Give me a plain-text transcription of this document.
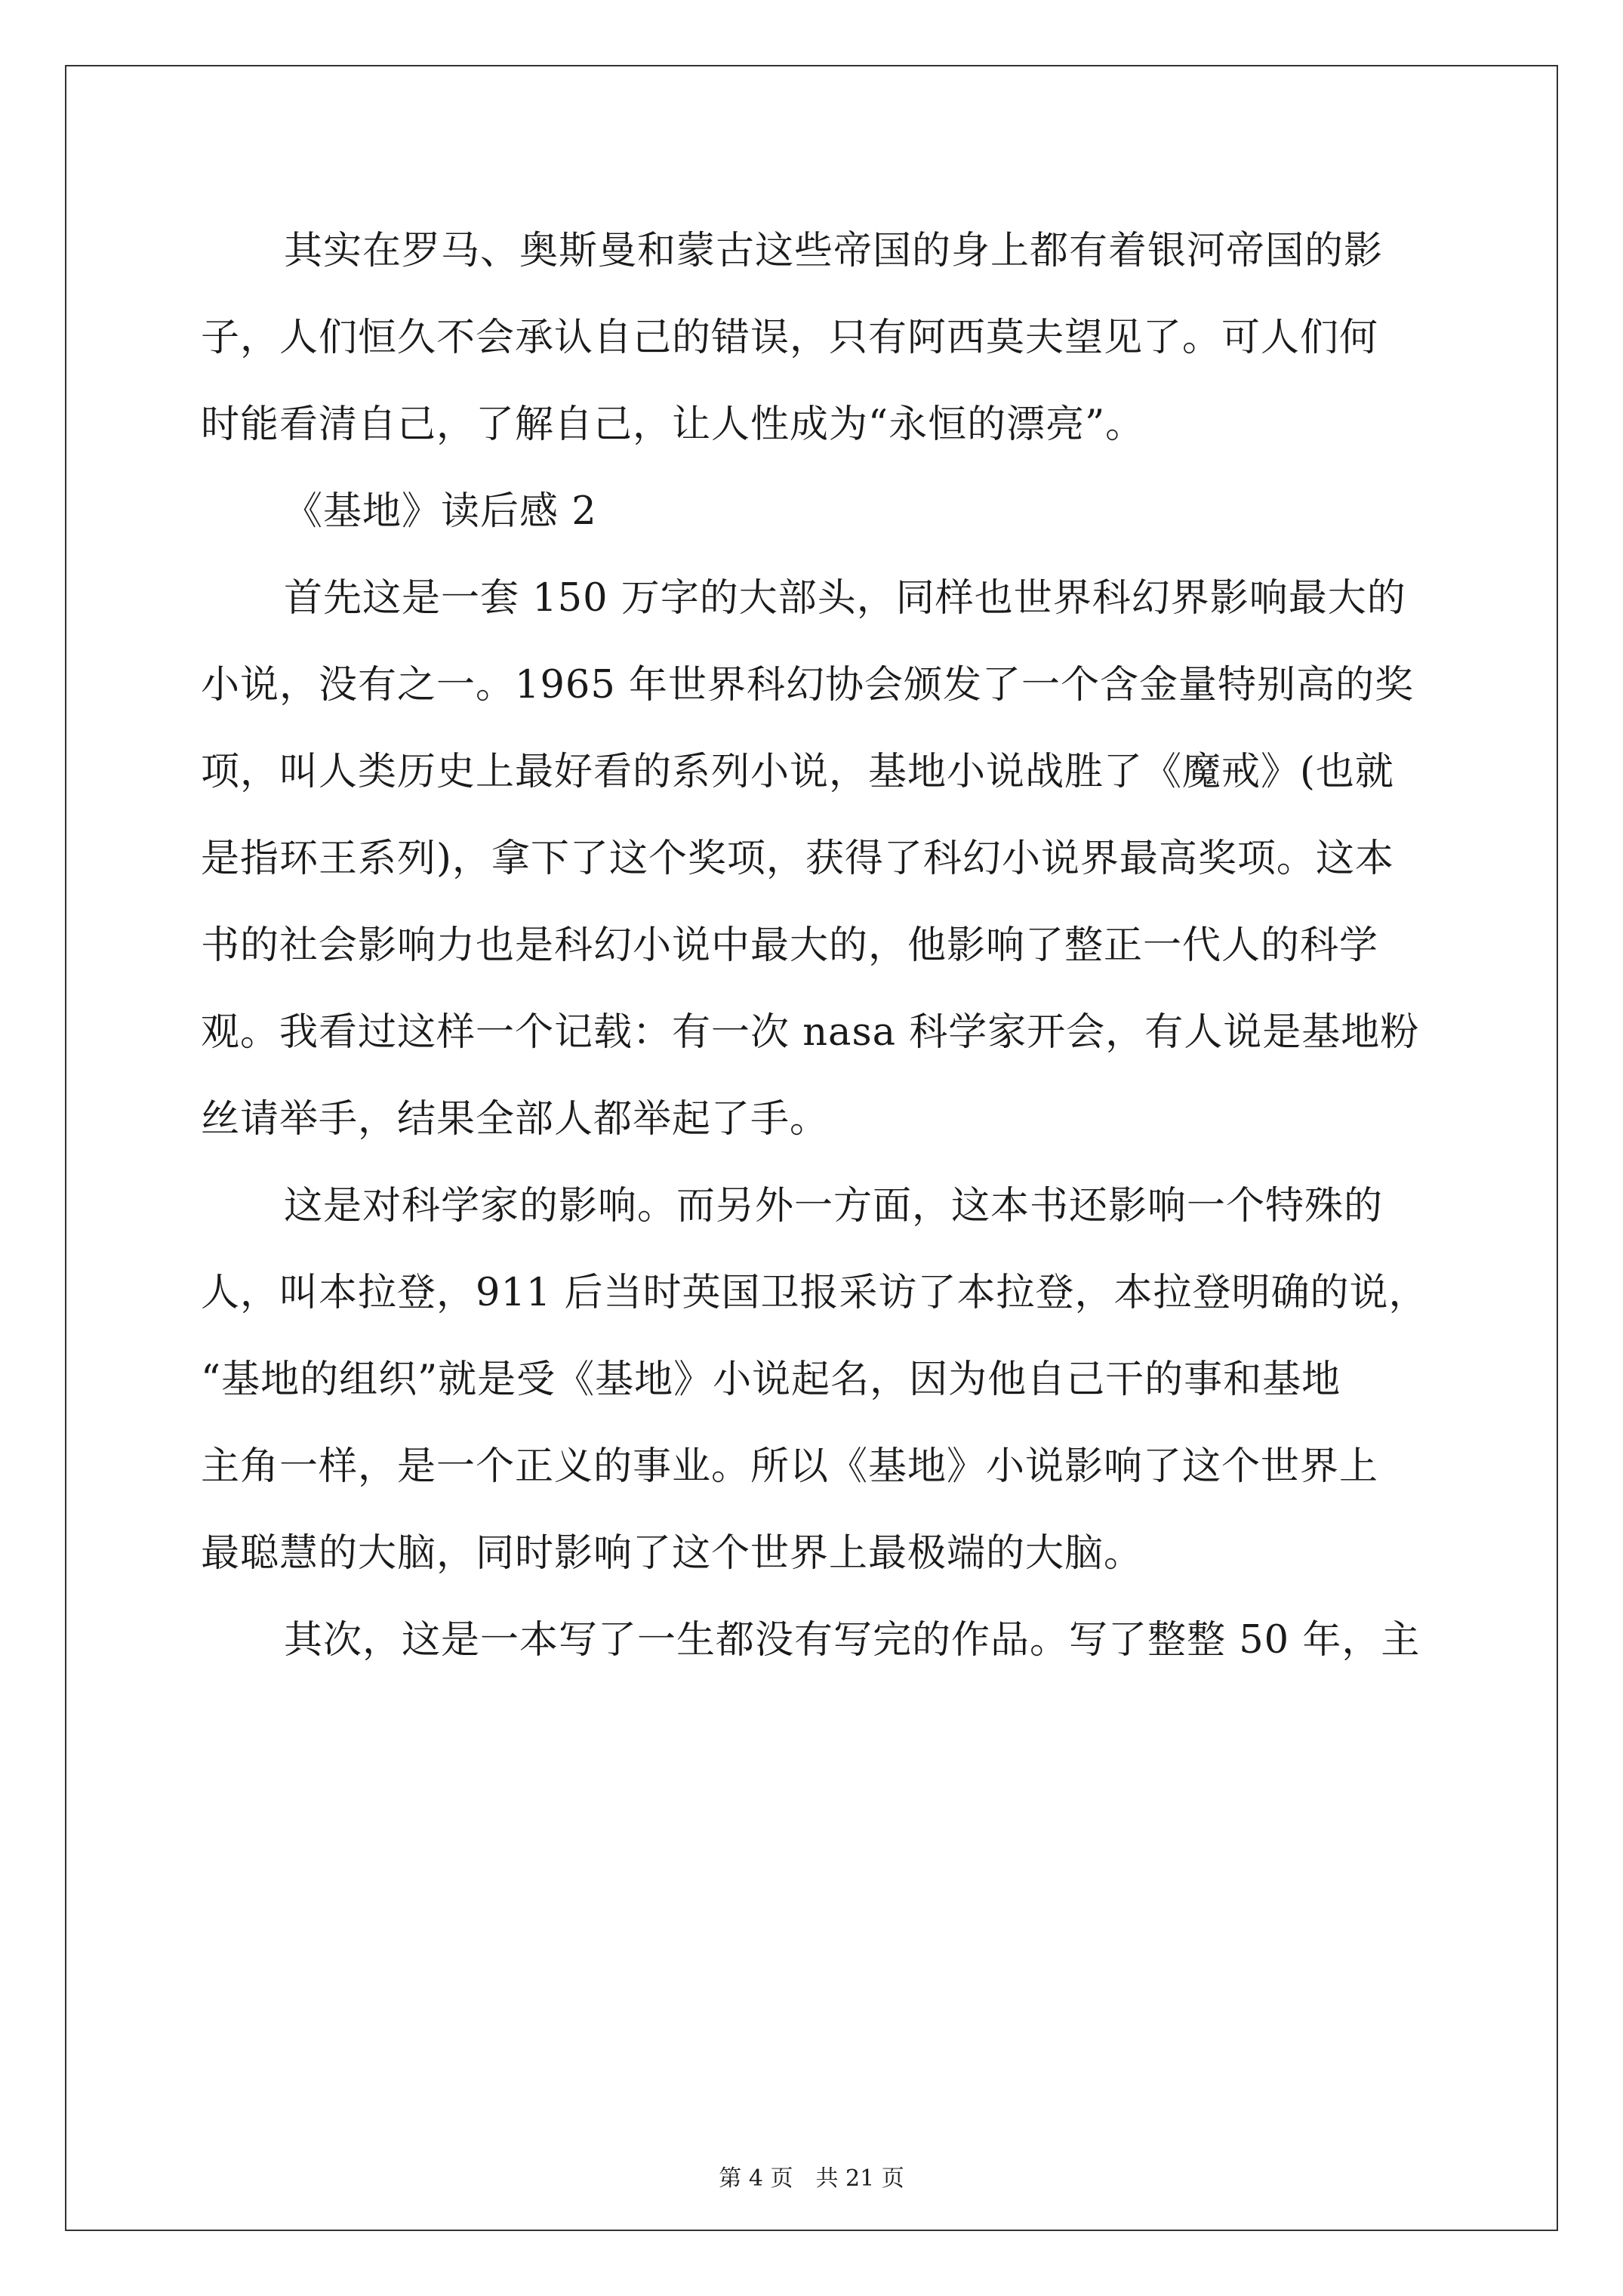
其实在罗马、奥斯曼和蒙古这些帝国的身上都有着银河帝国的影
子，人们恒久不会承认自己的错误，只有阿西莫夫望见了。可人们何
时能看清自己，了解自己，让人性成为“永恒的漂亮”。
《基地》读后感 2
首先这是一套 150 万字的大部头，同样也世界科幻界影响最大的
小说，没有之一。1965 年世界科幻协会颁发了一个含金量特别高的奖
项，叫人类历史上最好看的系列小说，基地小说战胜了《魔戒》(也就
是指环王系列)，拿下了这个奖项，获得了科幻小说界最高奖项。这本
书的社会影响力也是科幻小说中最大的，他影响了整正一代人的科学
观。我看过这样一个记载：有一次 nasa 科学家开会，有人说是基地粉
丝请举手，结果全部人都举起了手。
这是对科学家的影响。而另外一方面，这本书还影响一个特殊的
人，叫本拉登，911 后当时英国卫报采访了本拉登，本拉登明确的说，
“基地的组织”就是受《基地》小说起名，因为他自己干的事和基地
主角一样，是一个正义的事业。所以《基地》小说影响了这个世界上
最聪慧的大脑，同时影响了这个世界上最极端的大脑。
其次，这是一本写了一生都没有写完的作品。写了整整 50 年，主
第 4 页　共 21 页
